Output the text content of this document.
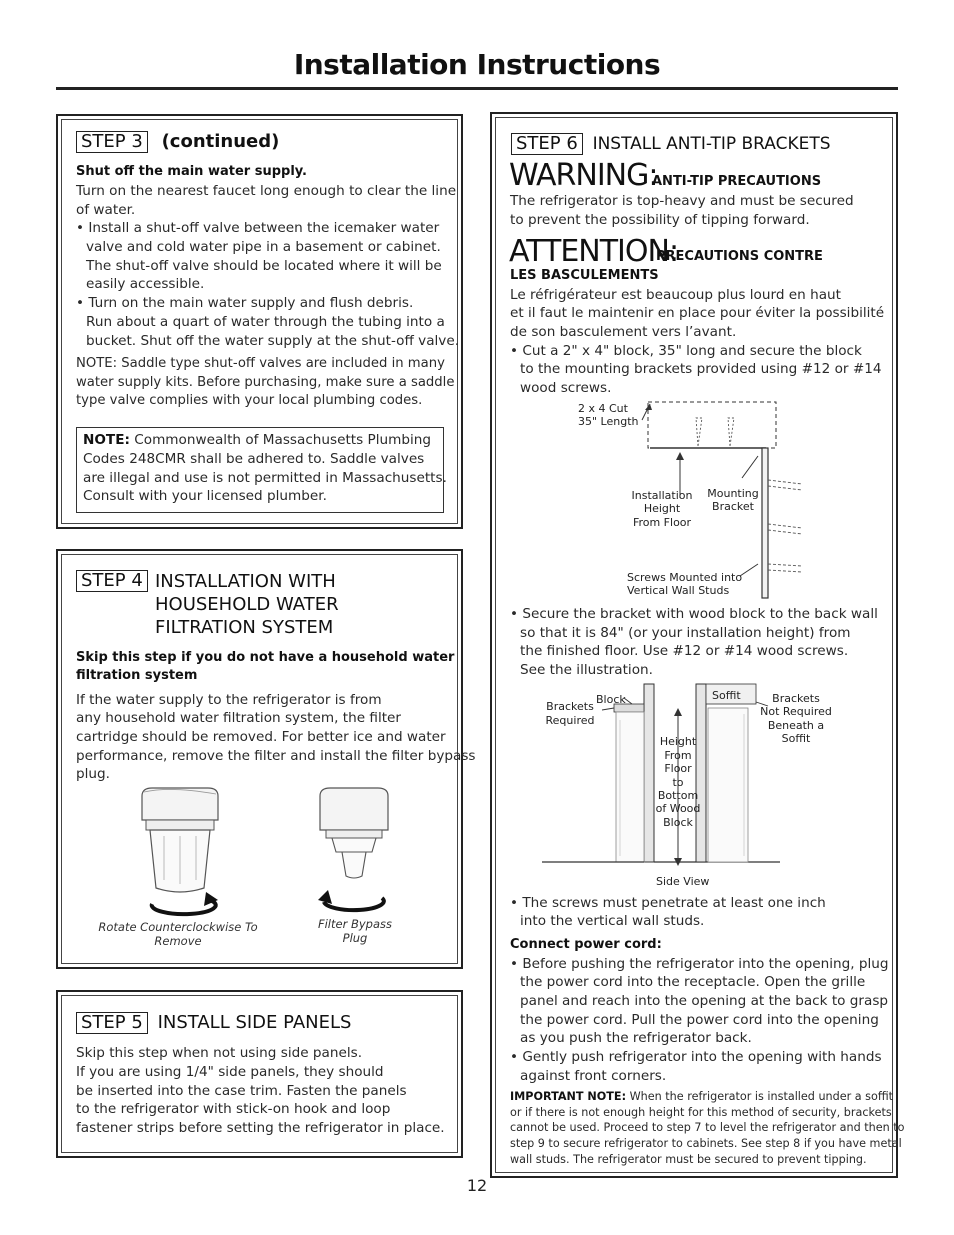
Installation Instructions
STEP 3 (continued)
Shut off the main water supply.
Turn on the nearest faucet long enough to clear the line
of water.
• Install a shut-off valve between the icemaker water
valve and cold water pipe in a basement or cabinet.
The shut-off valve should be located where it will be
easily accessible.
• Turn on the main water supply and flush debris.
Run about a quart of water through the tubing into a
bucket. Shut off the water supply at the shut-off valve.
NOTE: Saddle type shut-off valves are included in many
water supply kits. Before purchasing, make sure a saddle
type valve complies with your local plumbing codes.
NOTE: Commonwealth of Massachusetts Plumbing
Codes 248CMR shall be adhered to. Saddle valves
are illegal and use is not permitted in Massachusetts.
Consult with your licensed plumber.
STEP 4 INSTALLATION WITH
HOUSEHOLD WATER
FILTRATION SYSTEM
Skip this step if you do not have a household water
filtration system
If the water supply to the refrigerator is from
any household water filtration system, the filter
cartridge should be removed. For better ice and water
performance, remove the filter and install the filter bypass
plug.
Rotate Counterclockwise To
Remove
Filter Bypass
Plug
STEP 5 INSTALL SIDE PANELS
Skip this step when not using side panels.
If you are using 1/4" side panels, they should
be inserted into the case trim. Fasten the panels
to the refrigerator with stick-on hook and loop
fastener strips before setting the refrigerator in place.
STEP 6 INSTALL ANTI-TIP BRACKETS
WARNING:
ANTI-TIP PRECAUTIONS
The refrigerator is top-heavy and must be secured
to prevent the possibility of tipping forward.
ATTENTION:
PRECAUTIONS CONTRE
LES BASCULEMENTS
Le réfrigérateur est beaucoup plus lourd en haut
et il faut le maintenir en place pour éviter la possibilité
de son basculement vers l’avant.
• Cut a 2" x 4" block, 35" long and secure the block
to the mounting brackets provided using #12 or #14
wood screws.
2 x 4 Cut
35" Length
Installation
Height
From Floor
Mounting
Bracket
Screws Mounted into
Vertical Wall Studs
• Secure the bracket with wood block to the back wall
so that it is 84" (or your installation height) from
the finished floor. Use #12 or #14 wood screws.
See the illustration.
Brackets
Required
Block
Height
From
Floor
to
Bottom
of Wood
Block
Soffit	Brackets
Not Required
Beneath a
Soffit
Side View
• The screws must penetrate at least one inch
into the vertical wall studs.
Connect power cord:
• Before pushing the refrigerator into the opening, plug
the power cord into the receptacle. Open the grille
panel and reach into the opening at the back to grasp
the power cord. Pull the power cord into the opening
as you push the refrigerator back.
• Gently push refrigerator into the opening with hands
against front corners.
IMPORTANT NOTE: When the refrigerator is installed under a soffit
or if there is not enough height for this method of security, brackets
cannot be used. Proceed to step 7 to level the refrigerator and then to
step 9 to secure refrigerator to cabinets. See step 8 if you have metal
wall studs. The refrigerator must be secured to prevent tipping.
12
